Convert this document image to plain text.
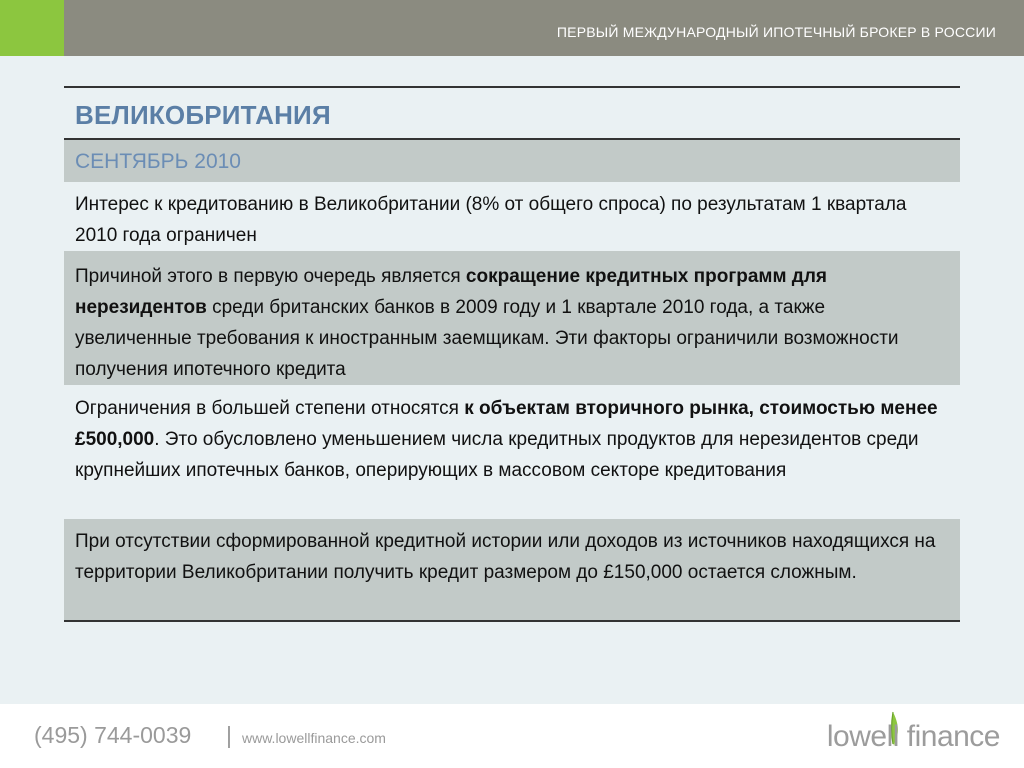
ПЕРВЫЙ МЕЖДУНАРОДНЫЙ ИПОТЕЧНЫЙ БРОКЕР В РОССИИ
ВЕЛИКОБРИТАНИЯ
СЕНТЯБРЬ 2010
Интерес к кредитованию в Великобритании (8% от общего спроса) по результатам 1 квартала 2010 года ограничен
Причиной этого в первую очередь является сокращение кредитных программ для нерезидентов среди британских банков в 2009 году и 1 квартале 2010 года, а также увеличенные требования к иностранным заемщикам. Эти факторы ограничили возможности получения ипотечного кредита
Ограничения в большей степени относятся к объектам вторичного рынка, стоимостью менее £500,000. Это обусловлено уменьшением числа кредитных продуктов для нерезидентов среди крупнейших ипотечных банков, оперирующих в массовом секторе кредитования
При отсутствии сформированной кредитной истории или доходов из источников находящихся на территории Великобритании получить кредит размером до £150,000 остается сложным.
(495) 744-0039 | www.lowellfinance.com	lowell finance
